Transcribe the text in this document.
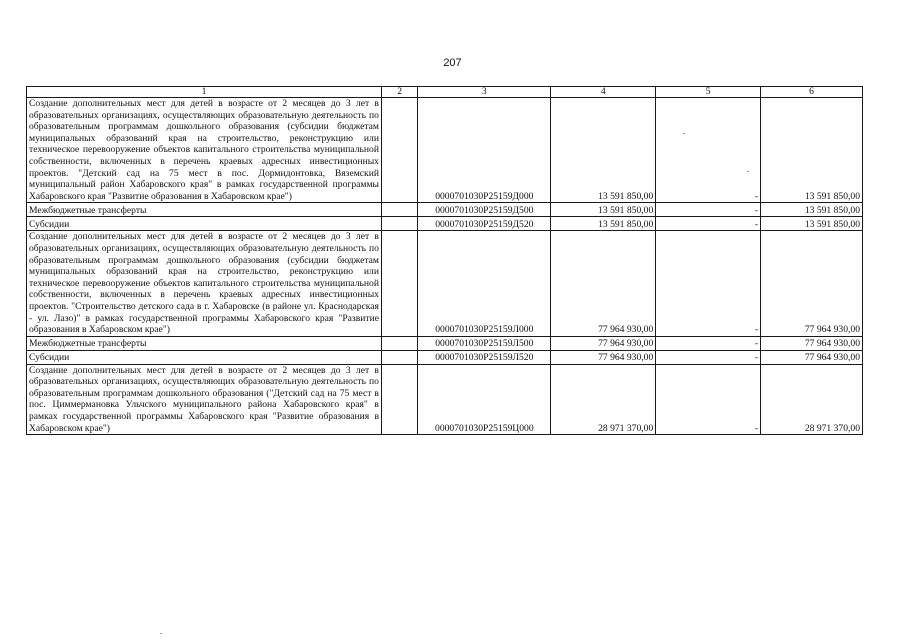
207
1	2	3	4	5	6
Создание дополнительных мест для детей в возрасте от 2 месяцев до 3 лет в образовательных организациях, осуществляющих образовательную деятельность по образовательным программам дошкольного образования (субсидии бюджетам муниципальных образований края на строительство, реконструкцию или техническое перевооружение объектов капитального строительства муниципальной собственности, включенных в перечень краевых адресных инвестиционных проектов. "Детский сад на 75 мест в пос. Дормидонтовка, Вяземский муниципальный район Хабаровского края" в рамках государственной программы Хабаровского края "Развитие образования в Хабаровском крае")		0000701030P25159Д000	13 591 850,00	-	13 591 850,00
Межбюджетные трансферты		0000701030P25159Д500	13 591 850,00	-	13 591 850,00
Субсидии		0000701030P25159Д520	13 591 850,00	-	13 591 850,00
Создание дополнительных мест для детей в возрасте от 2 месяцев до 3 лет в образовательных организациях, осуществляющих образовательную деятельность по образовательным программам дошкольного образования (субсидии бюджетам муниципальных образований края на строительство, реконструкцию или техническое перевооружение объектов капитального строительства муниципальной собственности, включенных в перечень краевых адресных инвестиционных проектов. "Строительство детского сада в г. Хабаровске (в районе ул. Краснодарская - ул. Лазо)" в рамках государственной программы Хабаровского края "Развитие образования в Хабаровском крае")		0000701030P25159Л000	77 964 930,00	-	77 964 930,00
Межбюджетные трансферты		0000701030P25159Л500	77 964 930,00	-	77 964 930,00
Субсидии		0000701030P25159Л520	77 964 930,00	-	77 964 930,00
Создание дополнительных мест для детей в возрасте от 2 месяцев до 3 лет в образовательных организациях, осуществляющих образовательную деятельность по образовательным программам дошкольного образования ("Детский сад на 75 мест в пос. Циммермановка Ульчского муниципального района Хабаровского края" в рамках государственной программы Хабаровского края "Развитие образования в Хабаровском крае")		0000701030P25159Ц000	28 971 370,00	-	28 971 370,00
